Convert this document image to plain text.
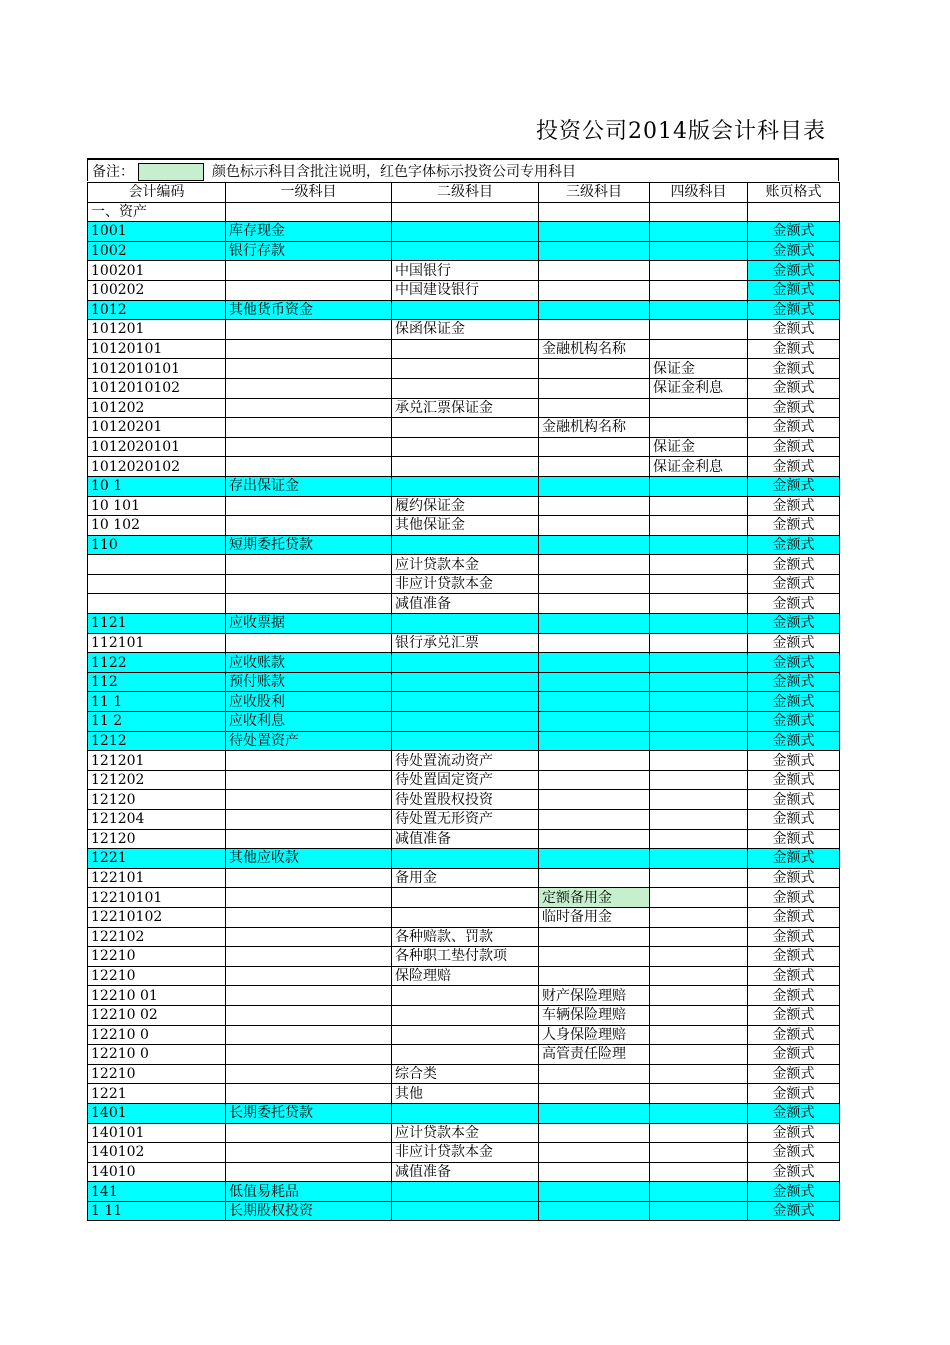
投资公司2014版会计科目表
备注：	颜色标示科目含批注说明，红色字体标示投资公司专用科目
会计编码	一级科目	二级科目	三级科目	四级科目	账页格式
一、资产					
1001	库存现金				金额式
1002	银行存款				金额式
100201		中国银行			金额式
100202		中国建设银行			金额式
1012	其他货币资金				金额式
101201		保函保证金			金额式
10120101			金融机构名称		金额式
1012010101				保证金	金额式
1012010102				保证金利息	金额式
101202		承兑汇票保证金			金额式
10120201			金融机构名称		金额式
1012020101				保证金	金额式
1012020102				保证金利息	金额式
10 1	存出保证金				金额式
10 101		履约保证金			金额式
10 102		其他保证金			金额式
110	短期委托贷款				金额式
		应计贷款本金			金额式
		非应计贷款本金			金额式
		减值准备			金额式
1121	应收票据				金额式
112101		银行承兑汇票			金额式
1122	应收账款				金额式
112	预付账款				金额式
11 1	应收股利				金额式
11 2	应收利息				金额式
1212	待处置资产				金额式
121201		待处置流动资产			金额式
121202		待处置固定资产			金额式
12120		待处置股权投资			金额式
121204		待处置无形资产			金额式
12120		减值准备			金额式
1221	其他应收款				金额式
122101		备用金			金额式
12210101			定额备用金		金额式
12210102			临时备用金		金额式
122102		各种赔款、罚款			金额式
12210		各种职工垫付款项			金额式
12210		保险理赔			金额式
12210 01			财产保险理赔		金额式
12210 02			车辆保险理赔		金额式
12210 0			人身保险理赔		金额式
12210 0			高管责任险理		金额式
12210		综合类			金额式
1221		其他			金额式
1401	长期委托贷款				金额式
140101		应计贷款本金			金额式
140102		非应计贷款本金			金额式
14010		减值准备			金额式
141	低值易耗品				金额式
1 11	长期股权投资				金额式
